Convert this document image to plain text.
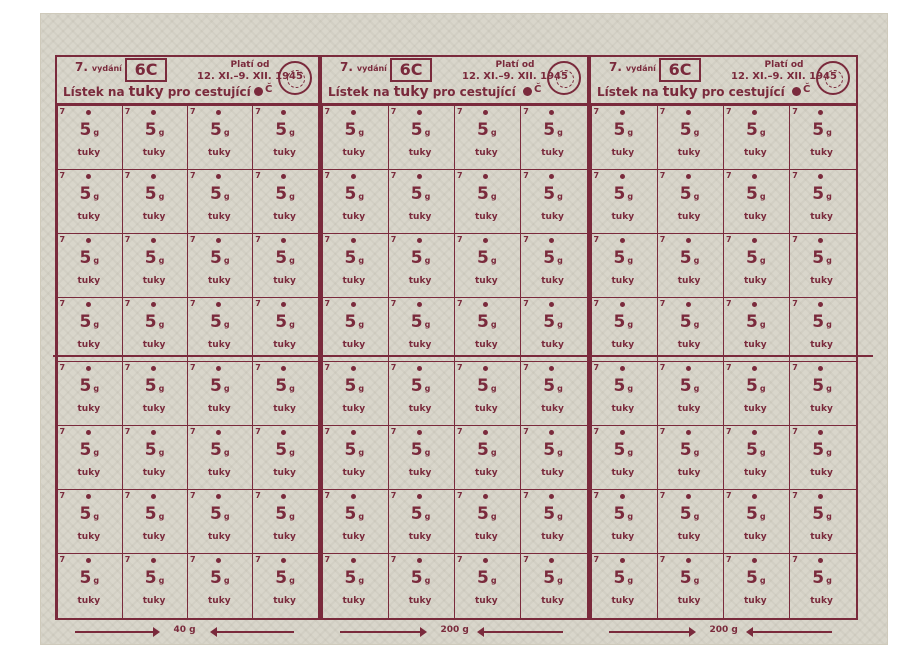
7. vydání 6C	Platí od
12. XI.–9. XII. 1945
Lístek na tuky pro cestující Č
7
5 g
tuky
7
5 g
tuky
7
5 g
tuky
7
5 g
tuky
7
5 g
tuky
7
5 g
tuky
7
5 g
tuky
7
5 g
tuky
7
5 g
tuky
7
5 g
tuky
7
5 g
tuky
7
5 g
tuky
7
5 g
tuky
7
5 g
tuky
7
5 g
tuky
7
5 g
tuky
7
5 g
tuky
7
5 g
tuky
7
5 g
tuky
7
5 g
tuky
7
5 g
tuky
7
5 g
tuky
7
5 g
tuky
7
5 g
tuky
7
5 g
tuky
7
5 g
tuky
7
5 g
tuky
7
5 g
tuky
7
5 g
tuky
7
5 g
tuky
7
5 g
tuky
7
5 g
tuky
40 g
7. vydání 6C	Platí od
12. XI.–9. XII. 1945
Lístek na tuky pro cestující Č
7
5 g
tuky
7
5 g
tuky
7
5 g
tuky
7
5 g
tuky
7
5 g
tuky
7
5 g
tuky
7
5 g
tuky
7
5 g
tuky
7
5 g
tuky
7
5 g
tuky
7
5 g
tuky
7
5 g
tuky
7
5 g
tuky
7
5 g
tuky
7
5 g
tuky
7
5 g
tuky
7
5 g
tuky
7
5 g
tuky
7
5 g
tuky
7
5 g
tuky
7
5 g
tuky
7
5 g
tuky
7
5 g
tuky
7
5 g
tuky
7
5 g
tuky
7
5 g
tuky
7
5 g
tuky
7
5 g
tuky
7
5 g
tuky
7
5 g
tuky
7
5 g
tuky
7
5 g
tuky
200 g
7. vydání 6C	Platí od
12. XI.–9. XII. 1945
Lístek na tuky pro cestující Č
7
5 g
tuky
7
5 g
tuky
7
5 g
tuky
7
5 g
tuky
7
5 g
tuky
7
5 g
tuky
7
5 g
tuky
7
5 g
tuky
7
5 g
tuky
7
5 g
tuky
7
5 g
tuky
7
5 g
tuky
7
5 g
tuky
7
5 g
tuky
7
5 g
tuky
7
5 g
tuky
7
5 g
tuky
7
5 g
tuky
7
5 g
tuky
7
5 g
tuky
7
5 g
tuky
7
5 g
tuky
7
5 g
tuky
7
5 g
tuky
7
5 g
tuky
7
5 g
tuky
7
5 g
tuky
7
5 g
tuky
7
5 g
tuky
7
5 g
tuky
7
5 g
tuky
7
5 g
tuky
200 g
